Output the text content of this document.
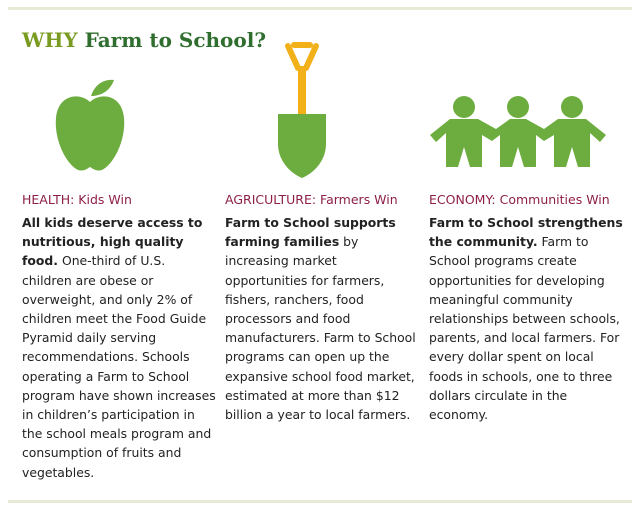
WHY Farm to School?

HEALTH: Kids Win

All kids deserve access to nutritious, high quality food. One-third of U.S. children are obese or overweight, and only 2% of children meet the Food Guide Pyramid daily serving recommendations. Schools operating a Farm to School program have shown increases in children’s participation in the school meals program and consumption of fruits and vegetables.

AGRICULTURE: Farmers Win

Farm to School supports farming families by increasing market opportunities for farmers, fishers, ranchers, food processors and food manufacturers. Farm to School programs can open up the expansive school food market, estimated at more than $12 billion a year to local farmers.

ECONOMY: Communities Win

Farm to School strengthens the community. Farm to School programs create opportunities for developing meaningful community relationships between schools, parents, and local farmers. For every dollar spent on local foods in schools, one to three dollars circulate in the economy.
